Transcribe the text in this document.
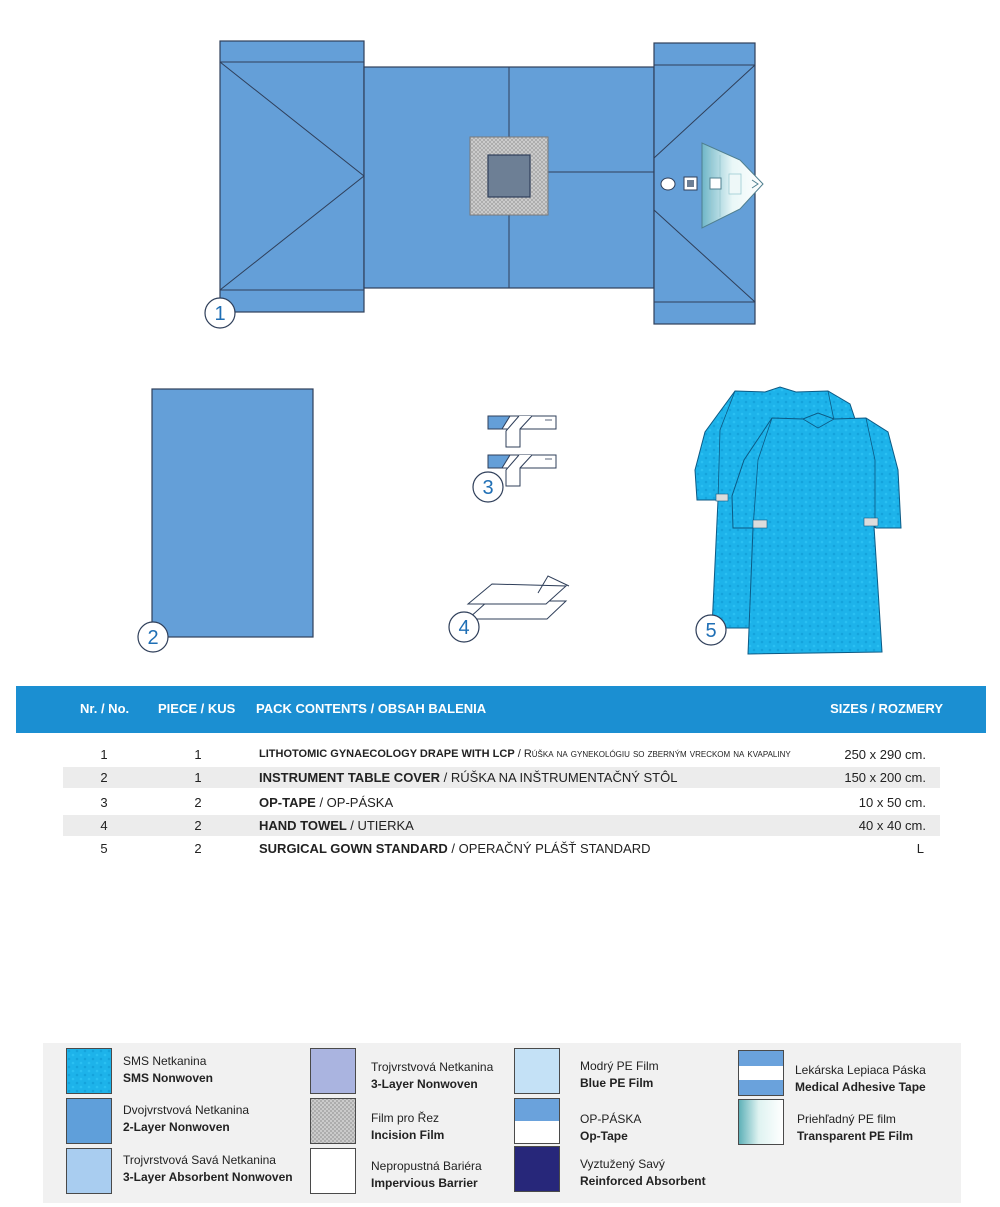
1
2
3
4	5
Nr. / No. PIECE / KUS PACK CONTENTS / OBSAH BALENIA	SIZES / ROZMERY
1	1	LITHOTOMIC GYNAECOLOGY DRAPE WITH LCP / Rúška na gynekológiu so zberným vreckom na kvapaliny	250 x 290 cm.
2	1	INSTRUMENT TABLE COVER / RÚŠKA NA INŠTRUMENTAČNÝ STÔL	150 x 200 cm.
3	2	OP-TAPE / OP-PÁSKA	10 x 50 cm.
4	2	HAND TOWEL / UTIERKA	40 x 40 cm.
5	2	SURGICAL GOWN STANDARD / OPERAČNÝ PLÁŠŤ STANDARD	L
SMS Netkanina
SMS Nonwoven
Dvojvrstvová Netkanina
2-Layer Nonwoven
Trojvrstvová Savá Netkanina
3-Layer Absorbent Nonwoven
Trojvrstvová Netkanina
3-Layer Nonwoven
Film pro Řez
Incision Film
Nepropustná Bariéra
Impervious Barrier
Modrý PE Film
Blue PE Film
OP-PÁSKA
Op-Tape
Vyztužený Savý
Reinforced Absorbent
Lekárska Lepiaca Páska
Medical Adhesive Tape
Priehľadný PE film
Transparent PE Film
